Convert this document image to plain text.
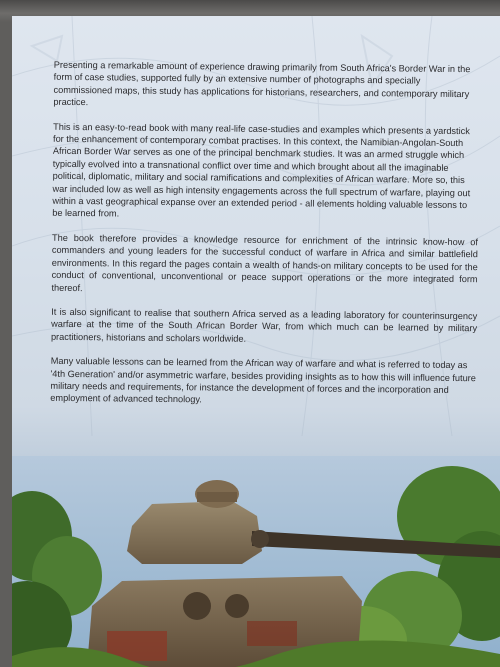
Presenting a remarkable amount of experience drawing primarily from South Africa's Border War in the form of case studies, supported fully by an extensive number of photographs and specially commissioned maps, this study has applications for historians, researchers, and contemporary military practice.

This is an easy-to-read book with many real-life case-studies and examples which presents a yardstick for the enhancement of contemporary combat practises. In this context, the Namibian-Angolan-South African Border War serves as one of the principal benchmark studies. It was an armed struggle which typically evolved into a transnational conflict over time and which brought about all the imaginable political, diplomatic, military and social ramifications and complexities of African warfare. More so, this war included low as well as high intensity engagements across the full spectrum of warfare, playing out within a vast geographical expanse over an extended period - all elements holding valuable lessons to be learned from.

The book therefore provides a knowledge resource for enrichment of the intrinsic know-how of commanders and young leaders for the successful conduct of warfare in Africa and similar battlefield environments. In this regard the pages contain a wealth of hands-on military concepts to be used for the conduct of conventional, unconventional or peace support operations or the more integrated form thereof.

It is also significant to realise that southern Africa served as a leading laboratory for counterinsurgency warfare at the time of the South African Border War, from which much can be learned by military practitioners, historians and scholars worldwide.

Many valuable lessons can be learned from the African way of warfare and what is referred to today as '4th Generation' and/or asymmetric warfare, besides providing insights as to how this will influence future military needs and requirements, for instance the development of forces and the incorporation and employment of advanced technology.
